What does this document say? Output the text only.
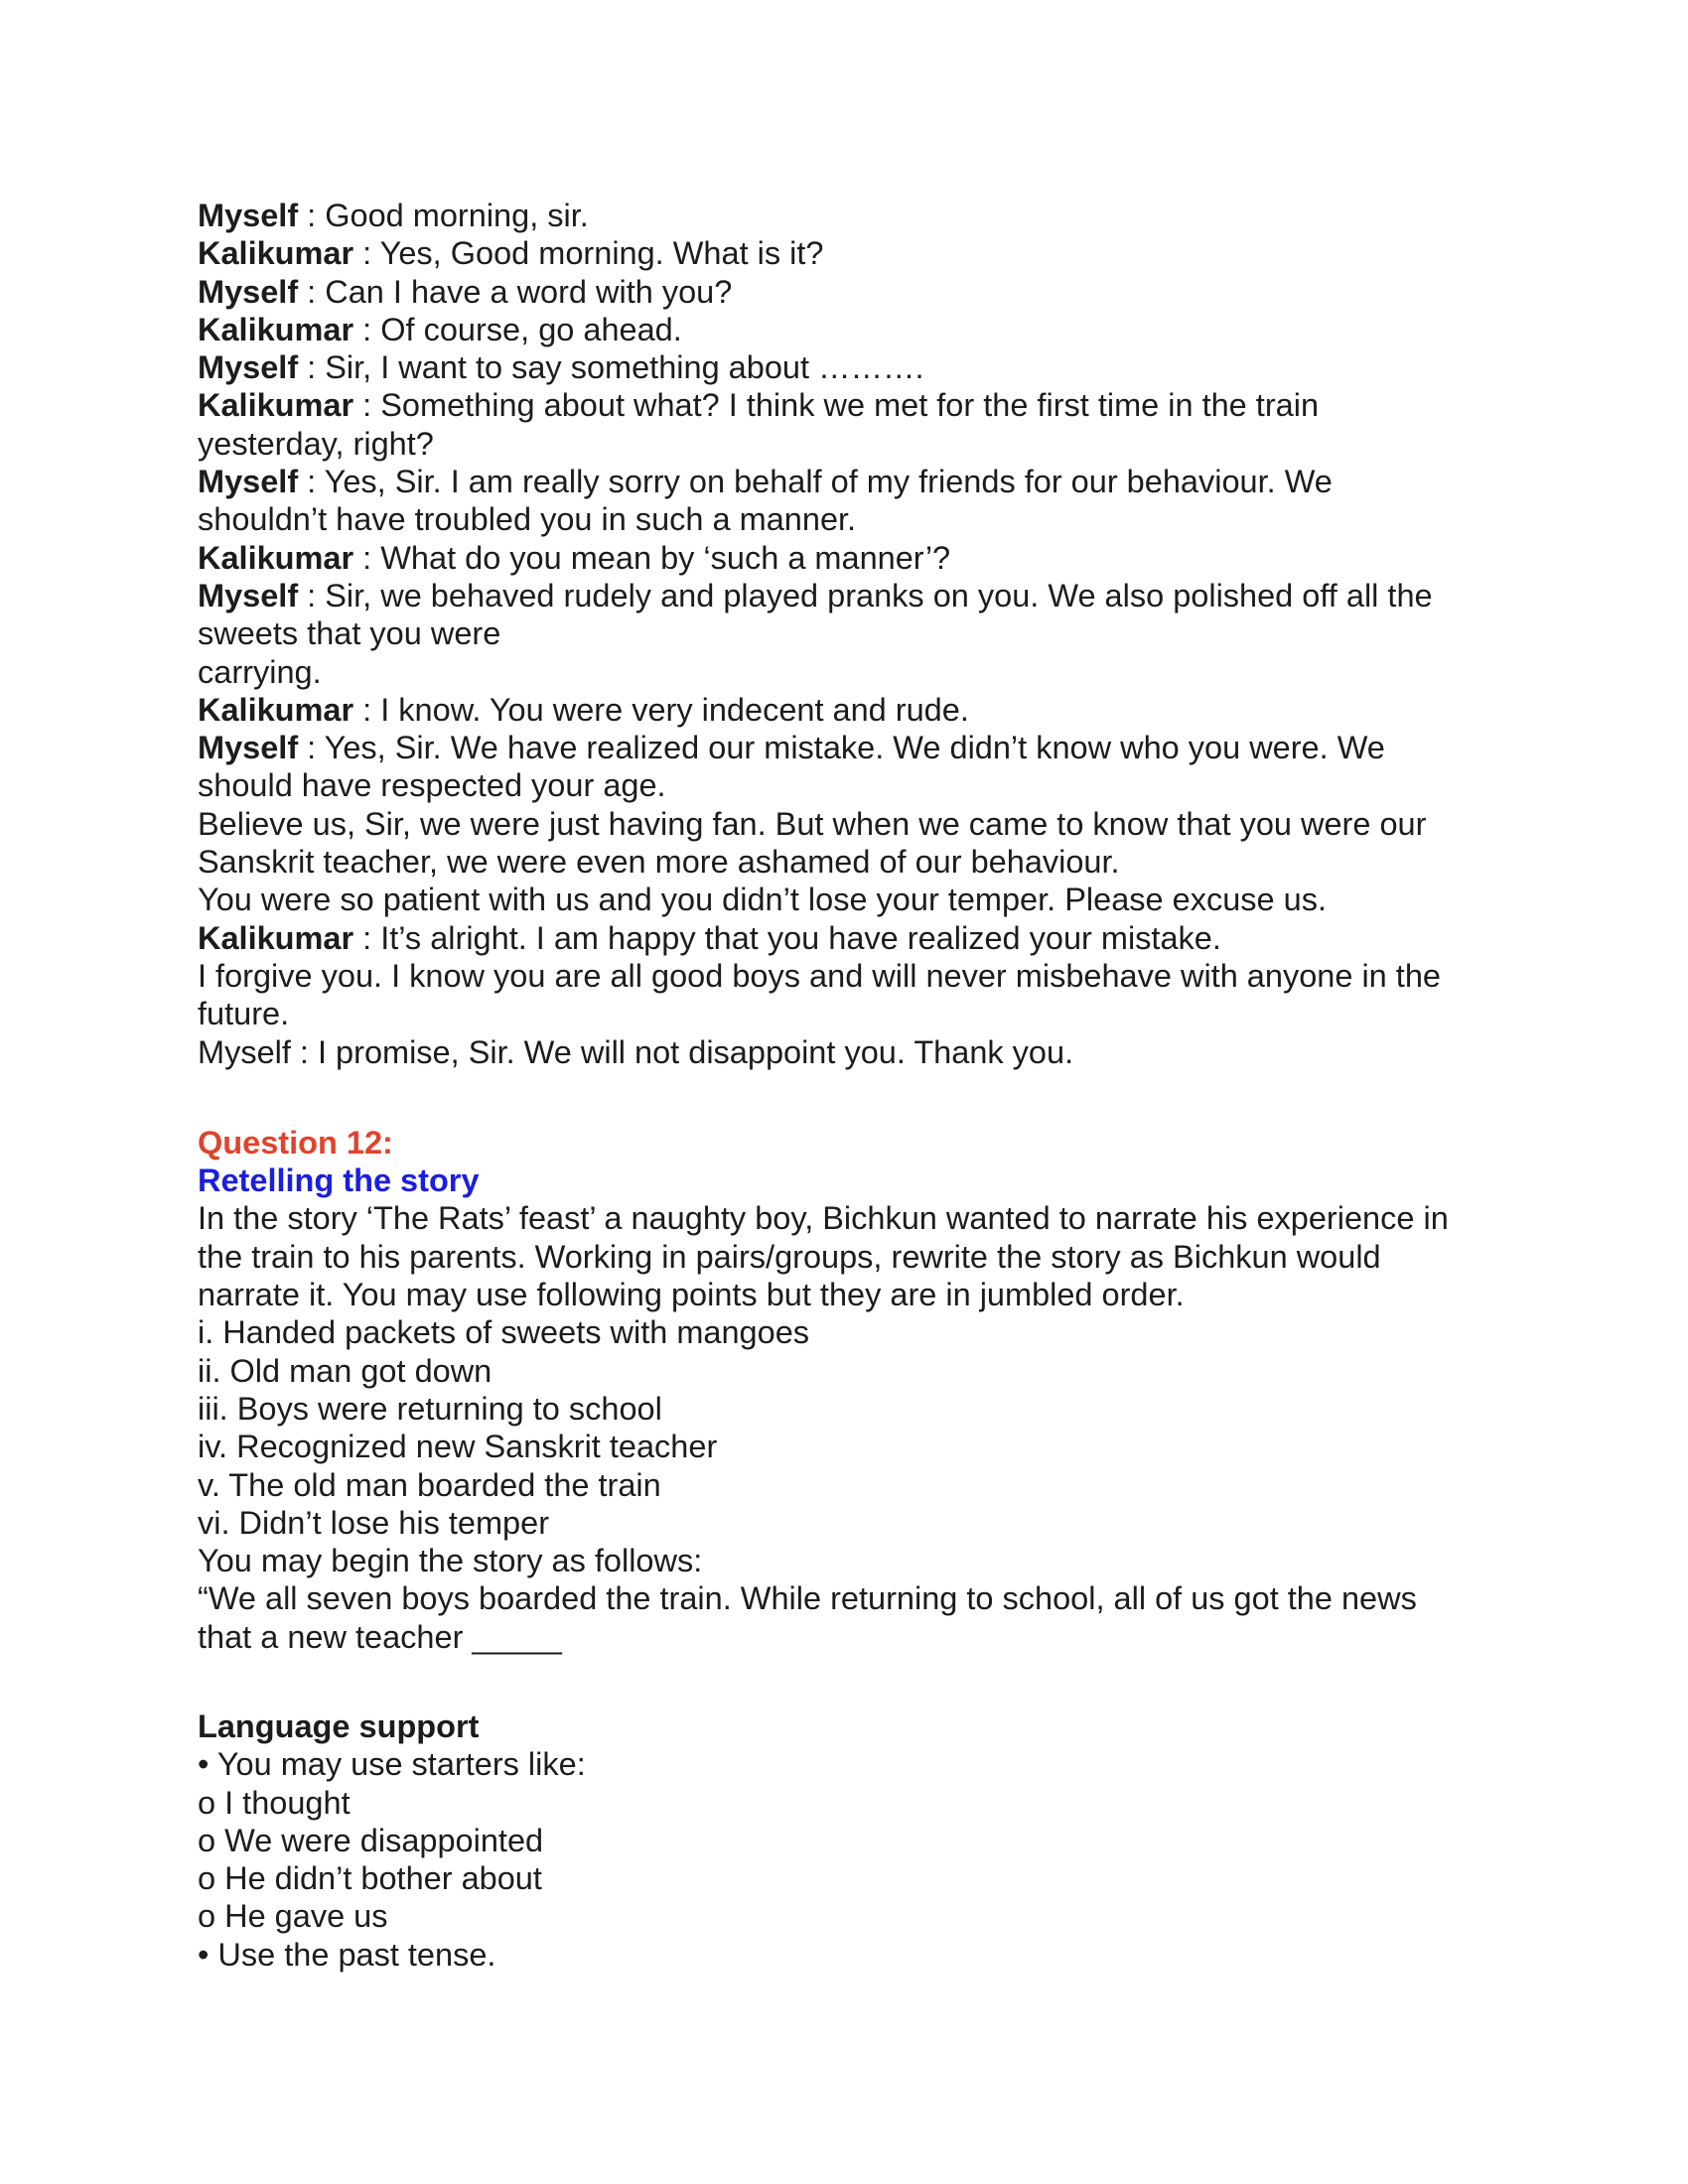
Myself : Good morning, sir.
Kalikumar : Yes, Good morning. What is it?
Myself : Can I have a word with you?
Kalikumar : Of course, go ahead.
Myself : Sir, I want to say something about ……….
Kalikumar : Something about what? I think we met for the first time in the train
yesterday, right?
Myself : Yes, Sir. I am really sorry on behalf of my friends for our behaviour. We
shouldn’t have troubled you in such a manner.
Kalikumar : What do you mean by ‘such a manner’?
Myself : Sir, we behaved rudely and played pranks on you. We also polished off all the
sweets that you were
carrying.
Kalikumar : I know. You were very indecent and rude.
Myself : Yes, Sir. We have realized our mistake. We didn’t know who you were. We
should have respected your age.
Believe us, Sir, we were just having fan. But when we came to know that you were our
Sanskrit teacher, we were even more ashamed of our behaviour.
You were so patient with us and you didn’t lose your temper. Please excuse us.
Kalikumar : It’s alright. I am happy that you have realized your mistake.
I forgive you. I know you are all good boys and will never misbehave with anyone in the
future.
Myself : I promise, Sir. We will not disappoint you. Thank you.
Question 12:
Retelling the story
In the story ‘The Rats’ feast’ a naughty boy, Bichkun wanted to narrate his experience in
the train to his parents. Working in pairs/groups, rewrite the story as Bichkun would
narrate it. You may use following points but they are in jumbled order.
i. Handed packets of sweets with mangoes
ii. Old man got down
iii. Boys were returning to school
iv. Recognized new Sanskrit teacher
v. The old man boarded the train
vi. Didn’t lose his temper
You may begin the story as follows:
“We all seven boys boarded the train. While returning to school, all of us got the news
that a new teacher _____
Language support
• You may use starters like:
o I thought
o We were disappointed
o He didn’t bother about
o He gave us
• Use the past tense.
